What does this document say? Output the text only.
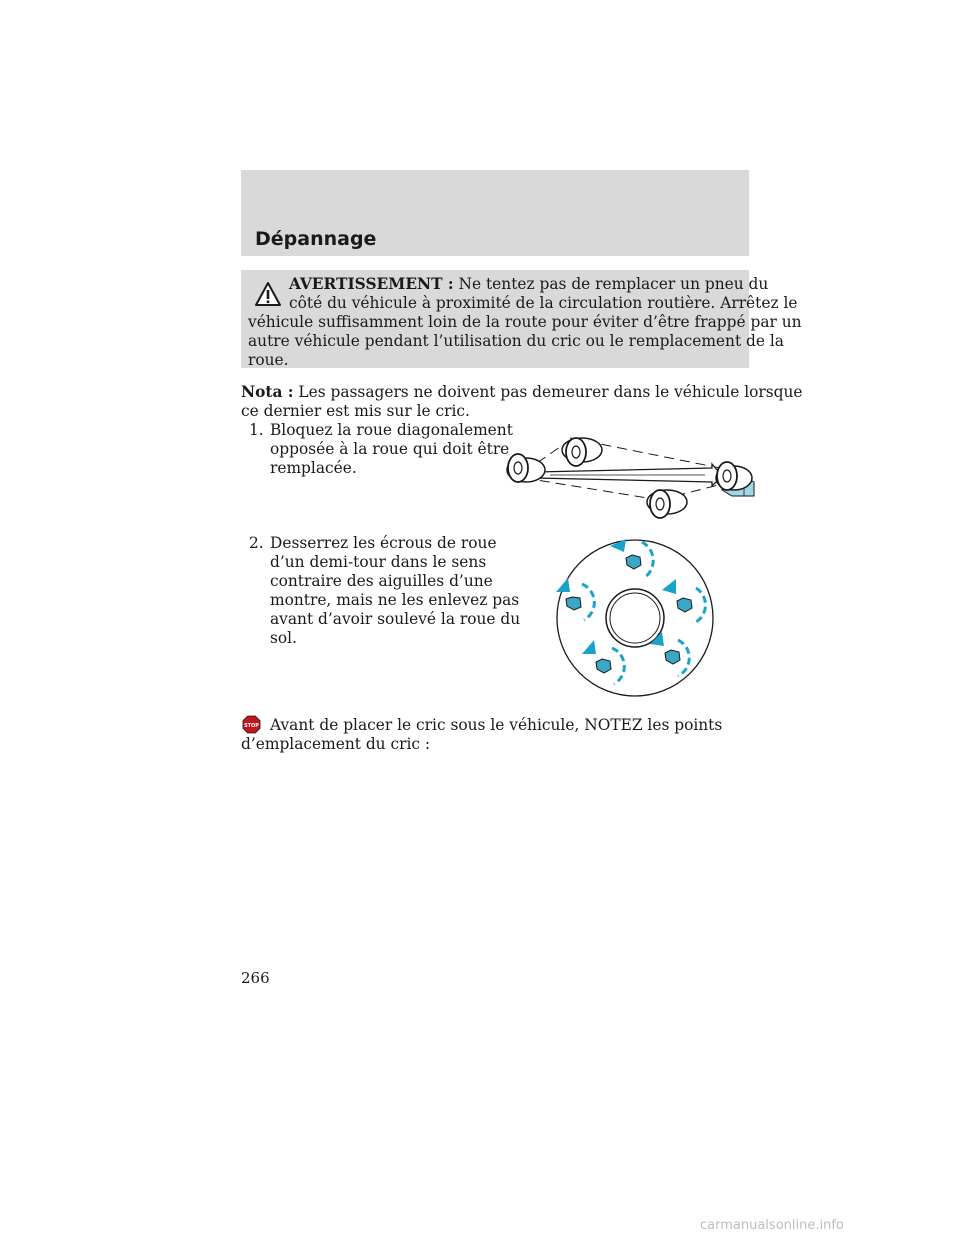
Dépannage

AVERTISSEMENT : Ne tentez pas de remplacer un pneu du

côté du véhicule à proximité de la circulation routière. Arrêtez le

véhicule suffisamment loin de la route pour éviter d’être frappé par un

autre véhicule pendant l’utilisation du cric ou le remplacement de la

roue.

Nota : Les passagers ne doivent pas demeurer dans le véhicule lorsque

ce dernier est mis sur le cric.

1. Bloquez la roue diagonalement

opposée à la roue qui doit être

remplacée.

2. Desserrez les écrous de roue

d’un demi-tour dans le sens

contraire des aiguilles d’une

montre, mais ne les enlevez pas

avant d’avoir soulevé la roue du

sol.

STOP Avant de placer le cric sous le véhicule, NOTEZ les points

d’emplacement du cric :

266

carmanualsonline.info
